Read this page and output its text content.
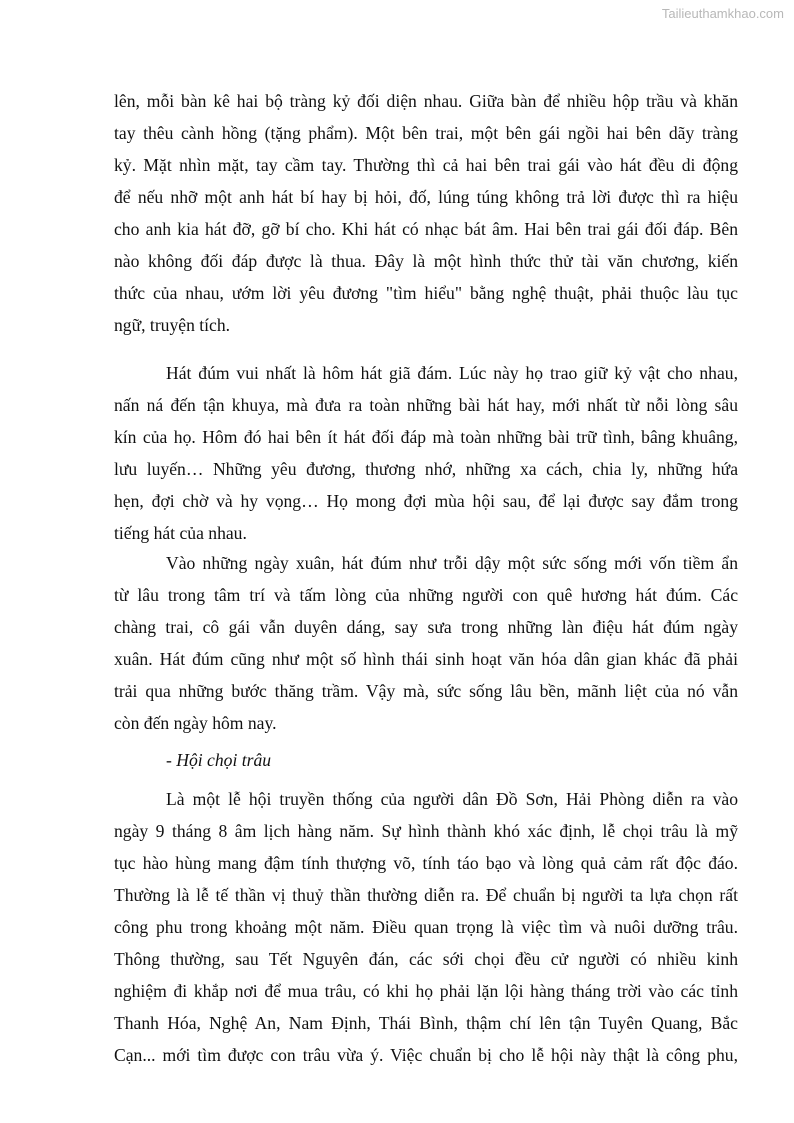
Tailieuthamkhao.com
lên, mỗi bàn kê hai bộ tràng kỷ đối diện nhau. Giữa bàn để nhiều hộp trầu và khăn
tay thêu cành hồng (tặng phẩm). Một bên trai, một bên gái ngồi hai bên dãy tràng
kỷ. Mặt nhìn mặt, tay cầm tay. Thường thì cả hai bên trai gái vào hát đều di động
để nếu nhỡ một anh hát bí hay bị hỏi, đố, lúng túng không trả lời được thì ra hiệu
cho anh kia hát đỡ, gỡ bí cho. Khi hát có nhạc bát âm. Hai bên trai gái đối đáp. Bên
nào không đối đáp được là thua. Đây là một hình thức thử tài văn chương, kiến
thức của nhau, ướm lời yêu đương "tìm hiểu" bằng nghệ thuật, phải thuộc làu tục
ngữ, truyện tích.
Hát đúm vui nhất là hôm hát giã đám. Lúc này họ trao giữ kỷ vật cho nhau,
nấn ná đến tận khuya, mà đưa ra toàn những bài hát hay, mới nhất từ nỗi lòng sâu
kín của họ. Hôm đó hai bên ít hát đối đáp mà toàn những bài trữ tình, bâng khuâng,
lưu luyến… Những yêu đương, thương nhớ, những xa cách, chia ly, những hứa
hẹn, đợi chờ và hy vọng… Họ mong đợi mùa hội sau, để lại được say đắm trong
tiếng hát của nhau.
Vào những ngày xuân, hát đúm như trỗi dậy một sức sống mới vốn tiềm ẩn
từ lâu trong tâm trí và tấm lòng của những người con quê hương hát đúm. Các
chàng trai, cô gái vẫn duyên dáng, say sưa trong những làn điệu hát đúm ngày
xuân. Hát đúm cũng như một số hình thái sinh hoạt văn hóa dân gian khác đã phải
trải qua những bước thăng trầm. Vậy mà, sức sống lâu bền, mãnh liệt của nó vẫn
còn đến ngày hôm nay.
- Hội chọi trâu
Là một lễ hội truyền thống của người dân Đồ Sơn, Hải Phòng diễn ra vào
ngày 9 tháng 8 âm lịch hàng năm. Sự hình thành khó xác định, lễ chọi trâu là mỹ
tục hào hùng mang đậm tính thượng võ, tính táo bạo và lòng quả cảm rất độc đáo.
Thường là lễ tế thần vị thuỷ thần thường diễn ra. Để chuẩn bị người ta lựa chọn rất
công phu trong khoảng một năm. Điều quan trọng là việc tìm và nuôi dưỡng trâu.
Thông thường, sau Tết Nguyên đán, các sới chọi đều cử người có nhiều kinh
nghiệm đi khắp nơi để mua trâu, có khi họ phải lặn lội hàng tháng trời vào các tỉnh
Thanh Hóa, Nghệ An, Nam Định, Thái Bình, thậm chí lên tận Tuyên Quang, Bắc
Cạn... mới tìm được con trâu vừa ý. Việc chuẩn bị cho lễ hội này thật là công phu,
